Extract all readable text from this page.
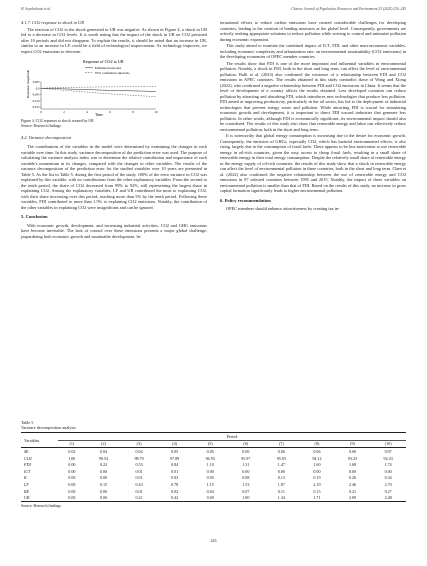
H. Sepehrdoust et al.	Chinese Journal of Population, Resources and Environment 23 (2025) 236–245
4.1.7. CO2 response to shock in UR

The reaction of CO2 to the shock generated in UR was negative. As shown in Figure 4, a shock in UR led to a decrease in CO2 levels. It is worth noting that the impact of the shock in UR on CO2 persisted after 10 periods and did not disappear. To explain the results, it should be noted that an increase in UR, similar to an increase in LF, could be a field of technological improvement. As technology improves, we expect CO2 emissions to decrease.

Response of CO2 to UR
Estimated response
95% confidence intervals
Response magnitude 0.005
0.0
-0.005
-0.010
-0.015
0	2	4	6	8	10
Time
Figure 4. CO2 reponses to shock created by UR
Source: Research findings.
4.2. Variance decomposition

The contributions of the variables in the model were determined by examining the changes in each variable over time. In this study, variance decomposition of the prediction error was used. The purpose of calculating the variance analysis index was to determine the relative contribution and importance of each variable's momentum in its changes, compared with the changes in other variables. The results of the variance decomposition of the prediction error for the studied variables over 10 years are presented in Table 5. As the list in Table 5, during the first period of the study, 100% of the error variance in CO2 was explained by this variable, with no contributions from the other explanatory variables. From the second to the tenth period, the share of CO2 decreased from 99% to 92%, still representing the largest share in explaining CO2. Among the explanatory variables, LF and UR contributed the most to explaining CO2, with their share increasing over this period, reaching more than 5% by the tenth period. Following these variables, FDI contributed to more than 1.5% to explaining CO2 emissions. Notably, the contribution of the other variables in explaining CO2 were insignificant and can be ignored.

5. Conclusion

With economic growth, development, and increasing industrial activities, CO2 and GHG emissions have become inevitable. The lack of control over these emissions presents a major global challenge, jeopardizing both economic growth and sustainable development. In-

ternational efforts to reduce carbon emissions have created considerable challenges for developing countries, leading to the creation of binding measures at the global level. Consequently, governments are actively seeking appropriate solutions to reduce pollution while striving to control and minimize pollution during economic expansion.

This study aimed to examine the combined impact of ICT, FDI, and other macroeconomic variables, including economic complexity and urbanization rate, on environmental sustainability (CO2 emissions) in the developing economies of OPEC member countries.

The results show that FDI is one of the more important and influential variables in environmental pollution. Notably, a shock in FDI, both in the short and long term, can affect the level of environmental pollution. Balli et al. (2023) also confirmed the existence of a relationship between FDI and CO2 emissions in APEC countries. The results obtained in this study contradict those of Wang and Xiong (2022), who confirmed a negative relationship between FDI and CO2 emissions in China. It seems that the level of development of a country affects the results obtained. Less developed countries can reduce pollution by attracting and absorbing FDI, which introduces new technologies that produce less pollution. FDI aimed at improving productivity, particularly in the oil sector, has led to the deployment of industrial technologies that prevent energy waste and pollution. While attracting FDI is crucial for stimulating economic growth and development, it is important to direct FDI toward industries that generate less pollution. In other words, although FDI is economically significant, its environmental impact should also be considered. The results of this study also show that renewable energy and labor can effectively reduce environmental pollution, both in the short and long term.

It is noteworthy that global energy consumption is increasing due to the desire for economic growth. Consequently, the emission of GHGs, especially CO2, which has harmful environmental effects, is also rising, largely due to the consumption of fossil fuels. There appears to be less motivation to use renewable energy in oil-rich countries, given the easy access to cheap fossil fuels, resulting in a small share of renewable energy in their total energy consumption. Despite the relatively small share of renewable energy in the energy supply of oil-rich countries, the results of this study show that a shock in renewable energy can affect the level of environmental pollution in these countries, both in the short and long term. Chen et al. (2022) also confirmed the negative relationship between the use of renewable energy and CO2 emissions in 97 selected countries between 1995 and 2015. Notably, the impact of these variables on environmental pollution is smaller than that of FDI. Based on the results of this study, an increase in gross capital formation significantly leads to higher environmental pollution.

6. Policy recommendation

OPEC members should enhance attractiveness by creating tax in-

Table 5
Variance decomposition analysis
Variables	Period									
	(1)	(2)	(3)	(4)	(5)	(6)	(7)	(8)	(9)	(10)
SE	0.02	0.04	0.04	0.05	0.05	0.06	0.06	0.06	0.06	0.07
CO2	100	99.54	98.79	97.89	96.93	95.97	95.03	94.12	93.25	92.43
FDI	0.00	0.22	0.53	0.84	1.10	1.31	1.47	1.60	1.68	1.74
ICT	0.00	0.00	0.01	0.01	0.00	0.00	0.00	0.00	0.00	0.00
K	0.00	0.00	0.01	0.03	0.05	0.08	0.13	0.19	0.26	0.34
LF	0.00	0.15	0.43	0.78	1.15	1.53	1.87	2.19	2.46	2.70
RE	0.00	0.00	0.01	0.02	0.04	0.07	0.11	0.15	0.21	0.27
UR	0.00	0.06	0.21	0.42	0.69	1.00	1.34	1.71	2.09	2.48
Source: Research findings.
243
